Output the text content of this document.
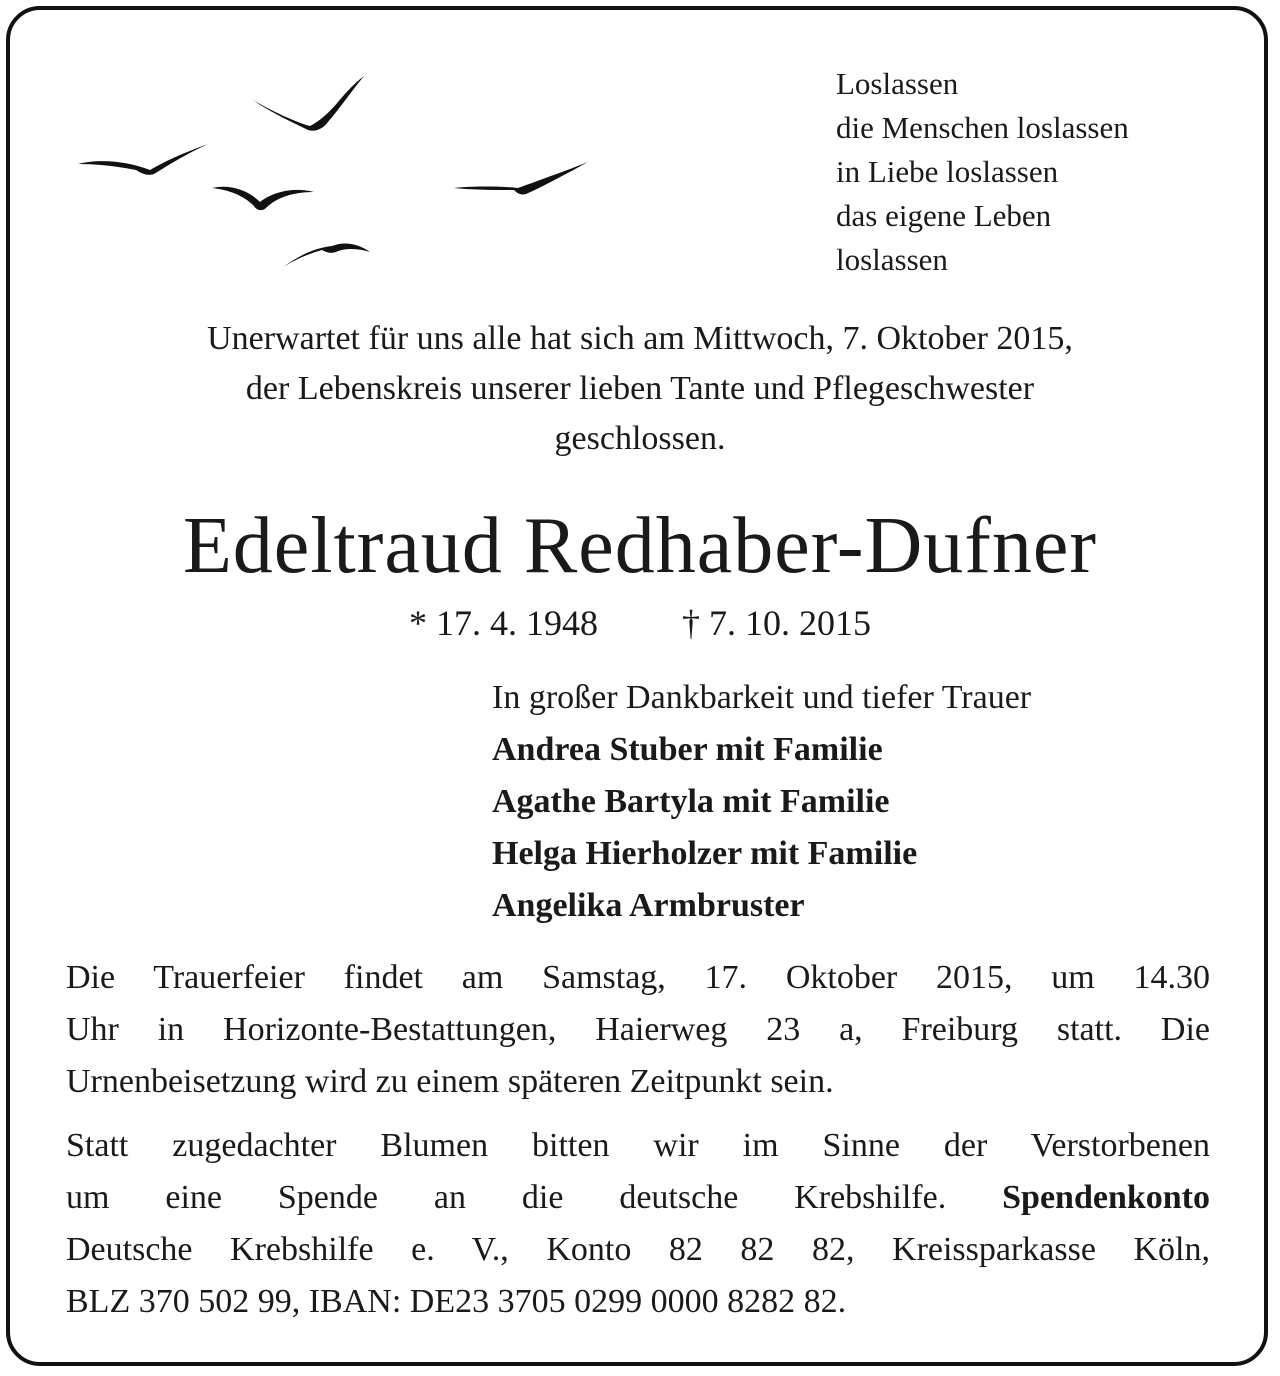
Loslassen
die Menschen loslassen
in Liebe loslassen
das eigene Leben
loslassen
Unerwartet für uns alle hat sich am Mittwoch, 7. Oktober 2015,
der Lebenskreis unserer lieben Tante und Pflegeschwester
geschlossen.
Edeltraud Redhaber-Dufner
* 17. 4. 1948 † 7. 10. 2015
In großer Dankbarkeit und tiefer Trauer
Andrea Stuber mit Familie
Agathe Bartyla mit Familie
Helga Hierholzer mit Familie
Angelika Armbruster
Die Trauerfeier findet am Samstag, 17. Oktober 2015, um 14.30
Uhr in Horizonte-Bestattungen, Haierweg 23 a, Freiburg statt. Die
Urnenbeisetzung wird zu einem späteren Zeitpunkt sein.
Statt zugedachter Blumen bitten wir im Sinne der Verstorbenen
um eine Spende an die deutsche Krebshilfe. Spendenkonto
Deutsche Krebshilfe e. V., Konto 82 82 82, Kreissparkasse Köln,
BLZ 370 502 99, IBAN: DE23 3705 0299 0000 8282 82.
